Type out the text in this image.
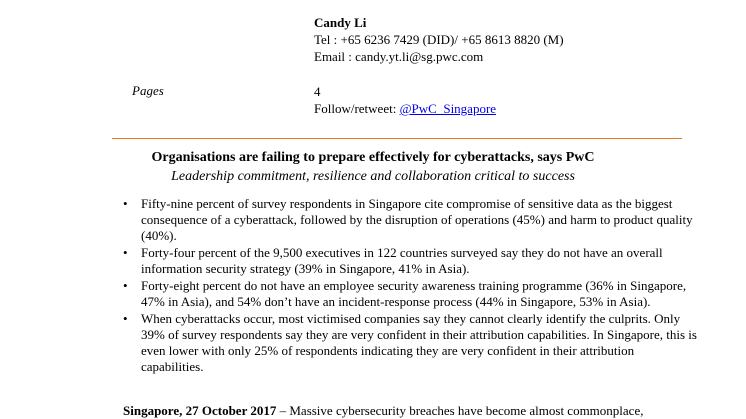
Candy Li
Tel : +65 6236 7429 (DID)/ +65 8613 8820 (M)
Email : candy.yt.li@sg.pwc.com
Pages	4
Follow/retweet: @PwC_Singapore
Organisations are failing to prepare effectively for cyberattacks, says PwC
Leadership commitment, resilience and collaboration critical to success
• Fifty-nine percent of survey respondents in Singapore cite compromise of sensitive data as the biggest consequence of a cyberattack, followed by the disruption of operations (45%) and harm to product quality (40%).
• Forty-four percent of the 9,500 executives in 122 countries surveyed say they do not have an overall information security strategy (39% in Singapore, 41% in Asia).
• Forty-eight percent do not have an employee security awareness training programme (36% in Singapore, 47% in Asia), and 54% don’t have an incident-response process (44% in Singapore, 53% in Asia).
• When cyberattacks occur, most victimised companies say they cannot clearly identify the culprits. Only 39% of survey respondents say they are very confident in their attribution capabilities. In Singapore, this is even lower with only 25% of respondents indicating they are very confident in their attribution capabilities.
Singapore, 27 October 2017 – Massive cybersecurity breaches have become almost commonplace,
